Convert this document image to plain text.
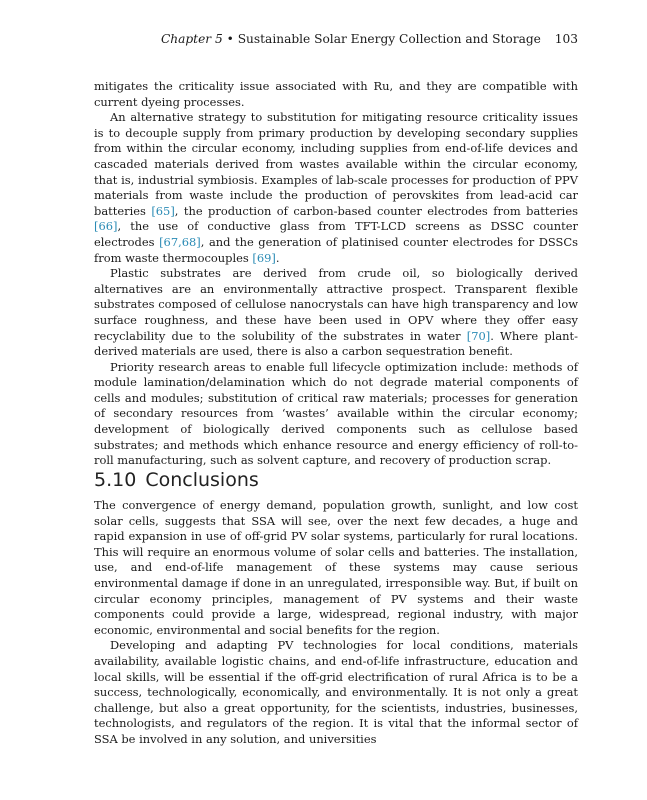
Chapter 5 • Sustainable Solar Energy Collection and Storage 103

mitigates the criticality issue associated with Ru, and they are compatible with current dyeing processes.

An alternative strategy to substitution for mitigating resource criticality issues is to decouple supply from primary production by developing secondary supplies from within the circular economy, including supplies from end-of-life devices and cascaded materials derived from wastes available within the circular economy, that is, industrial symbiosis. Examples of lab-scale processes for production of PPV materials from waste include the production of perovskites from lead-acid car batteries [65], the production of carbon-based counter electrodes from batteries [66], the use of conductive glass from TFT-LCD screens as DSSC counter electrodes [67,68], and the generation of platinised counter electrodes for DSSCs from waste thermocouples [69].

Plastic substrates are derived from crude oil, so biologically derived alternatives are an environmentally attractive prospect. Transparent flexible substrates composed of cellulose nanocrystals can have high transparency and low surface roughness, and these have been used in OPV where they offer easy recyclability due to the solubility of the substrates in water [70]. Where plant-derived materials are used, there is also a carbon sequestration benefit.

Priority research areas to enable full lifecycle optimization include: methods of module lamination/delamination which do not degrade material components of cells and modules; substitution of critical raw materials; processes for generation of secondary resources from ‘wastes’ available within the circular economy; development of biologically derived components such as cellulose based substrates; and methods which enhance resource and energy efficiency of roll-to-roll manufacturing, such as solvent capture, and recovery of production scrap.

5.10 Conclusions

The convergence of energy demand, population growth, sunlight, and low cost solar cells, suggests that SSA will see, over the next few decades, a huge and rapid expansion in use of off-grid PV solar systems, particularly for rural locations. This will require an enormous volume of solar cells and batteries. The installation, use, and end-of-life management of these systems may cause serious environmental damage if done in an unregulated, irresponsible way. But, if built on circular economy principles, management of PV systems and their waste components could provide a large, widespread, regional industry, with major economic, environmental and social benefits for the region.

Developing and adapting PV technologies for local conditions, materials availability, available logistic chains, and end-of-life infrastructure, education and local skills, will be essential if the off-grid electrification of rural Africa is to be a success, technologically, economically, and environmentally. It is not only a great challenge, but also a great opportunity, for the scientists, industries, businesses, technologists, and regulators of the region. It is vital that the informal sector of SSA be involved in any solution, and universities
